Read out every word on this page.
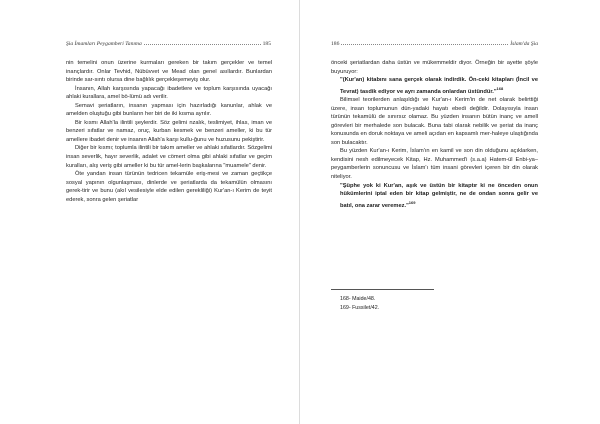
Şia İmamları Peygamberi Tanıma	185

nin temelini onun üzerine kurmaları gereken bir takım gerçekler ve temel inançlardır. Onlar Tevhid, Nübüvvet ve Mead olan genel asıllardır. Bunlardan birinde sar-sıntı olursa dine bağlılık gerçekleşemeyiş olur.

İnsanın, Allah karşısında yapacağı ibadetlere ve toplum karşısında uyacağı ahlaki kurallara, amel bö-lümü adı verilir.

Semavi şeriatların, insanın yapması için hazırladığı kanunlar, ahlak ve amelden oluştuğu gibi bunların her biri de iki kısma ayrılır.

Bir kısmı Allah'la ilintili şeylerdir. Söz gelimi nzalık, teslimiyet, ihlas, iman ve benzeri sıfatlar ve namaz, oruç, kurban kesmek ve benzeri ameller, ki bu tür amellere ibadet denir ve insanın Allah'a karşı kullu-ğunu ve huzusunu pekiştirir.

Diğer bir kısmı; toplumla ilintili bir takım ameller ve ahlaki sıfatlardır. Sözgelimi insan severlik, hayır severlik, adalet ve cömert olma gibi ahlaki sıfatlar ve geçim kuralları, alış veriş gibi ameller ki bu tür amel-lerin başkalarına "muamele" denir.

Öte yandan insan türünün tedricen tekamüle eriş-mesi ve zaman geçtikçe sosyal yapının olgunlaşması, dinlerde ve şeriatlarda da tekamülün olmasını gerek-tirir ve bunu (akıl vesilesiyle elde edilen gerekliliği) Kur'an-ı Kerim de teyit ederek, sonra gelen şeriatlar

186	İslam'da Şia

önceki şeriatlardan daha üstün ve mükemmeldir diyor. Örneğin bir ayette şöyle buyuruyor:

"(Kur'an) kitabını sana gerçek olarak indirdik. Ön-ceki kitapları (İncil ve Tevrat) tasdik ediyor ve ayrı zamanda onlardan üstündür."$^{168}$

Bilimsel teorilerden anlaşıldığı ve Kur'an-ı Kerim'in de net olarak belirttiği üzere, insan toplumunun dün-yadaki hayatı ebedi değildir. Dolayısıyla insan türünün tekamülü de sınırsız olamaz. Bu yüzden insanın bütün inanç ve amell görevleri bir merhalede son bulacak. Buna tabi olarak nebilik ve şeriat da inanç konusunda en doruk noktaya ve ameli açıdan en kapsamlı mer-haleye ulaştığında son bulacaktır.

Bu yüzden Kur'an-ı Kerim, İslam'ın en kamil ve son din olduğunu açıklarken, kendisini nesh edilmeyecek Kitap, Hz. Muhammed'i (s.a.a) Hatem-ül Enbi-ya–peygamberlerin sonuncusu ve İslam'ı tüm insani görevleri içeren bir din olarak niteliyor.

"Şüphe yok ki Kur'an, aşık ve üstün bir kitaptır ki ne önceden onun hükümlerini iptal eden bir kitap gelmiştir, ne de ondan sonra gelir ve batıl, ona zarar veremez."$^{169}$

168- Maide/48.
169- Fussilet/42.
